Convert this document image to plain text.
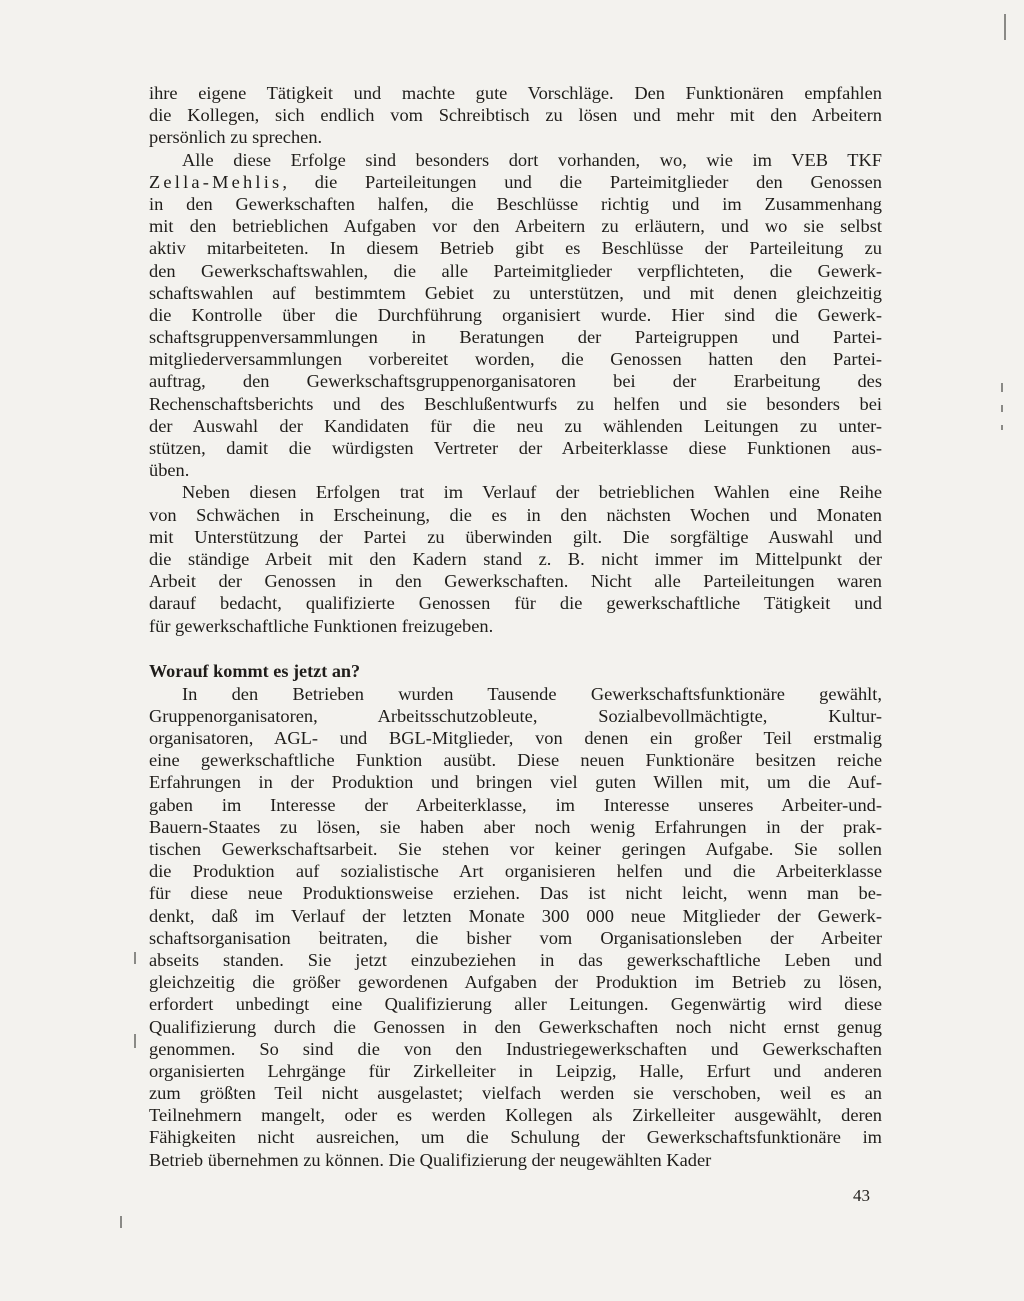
ihre eigene Tätigkeit und machte gute Vorschläge. Den Funktionären empfahlen
die Kollegen, sich endlich vom Schreibtisch zu lösen und mehr mit den Arbeitern
persönlich zu sprechen.
Alle diese Erfolge sind besonders dort vorhanden, wo, wie im VEB TKF
Zella-Mehlis, die Parteileitungen und die Parteimitglieder den Genossen
in den Gewerkschaften halfen, die Beschlüsse richtig und im Zusammenhang
mit den betrieblichen Aufgaben vor den Arbeitern zu erläutern, und wo sie selbst
aktiv mitarbeiteten. In diesem Betrieb gibt es Beschlüsse der Parteileitung zu
den Gewerkschaftswahlen, die alle Parteimitglieder verpflichteten, die Gewerk-
schaftswahlen auf bestimmtem Gebiet zu unterstützen, und mit denen gleichzeitig
die Kontrolle über die Durchführung organisiert wurde. Hier sind die Gewerk-
schaftsgruppenversammlungen in Beratungen der Parteigruppen und Partei-
mitgliederversammlungen vorbereitet worden, die Genossen hatten den Partei-
auftrag, den Gewerkschaftsgruppenorganisatoren bei der Erarbeitung des
Rechenschaftsberichts und des Beschlußentwurfs zu helfen und sie besonders bei
der Auswahl der Kandidaten für die neu zu wählenden Leitungen zu unter-
stützen, damit die würdigsten Vertreter der Arbeiterklasse diese Funktionen aus-
üben.
Neben diesen Erfolgen trat im Verlauf der betrieblichen Wahlen eine Reihe
von Schwächen in Erscheinung, die es in den nächsten Wochen und Monaten
mit Unterstützung der Partei zu überwinden gilt. Die sorgfältige Auswahl und
die ständige Arbeit mit den Kadern stand z. B. nicht immer im Mittelpunkt der
Arbeit der Genossen in den Gewerkschaften. Nicht alle Parteileitungen waren
darauf bedacht, qualifizierte Genossen für die gewerkschaftliche Tätigkeit und
für gewerkschaftliche Funktionen freizugeben.
Worauf kommt es jetzt an?
In den Betrieben wurden Tausende Gewerkschaftsfunktionäre gewählt,
Gruppenorganisatoren, Arbeitsschutzobleute, Sozialbevollmächtigte, Kultur-
organisatoren, AGL- und BGL-Mitglieder, von denen ein großer Teil erstmalig
eine gewerkschaftliche Funktion ausübt. Diese neuen Funktionäre besitzen reiche
Erfahrungen in der Produktion und bringen viel guten Willen mit, um die Auf-
gaben im Interesse der Arbeiterklasse, im Interesse unseres Arbeiter-und-
Bauern-Staates zu lösen, sie haben aber noch wenig Erfahrungen in der prak-
tischen Gewerkschaftsarbeit. Sie stehen vor keiner geringen Aufgabe. Sie sollen
die Produktion auf sozialistische Art organisieren helfen und die Arbeiterklasse
für diese neue Produktionsweise erziehen. Das ist nicht leicht, wenn man be-
denkt, daß im Verlauf der letzten Monate 300 000 neue Mitglieder der Gewerk-
schaftsorganisation beitraten, die bisher vom Organisationsleben der Arbeiter
abseits standen. Sie jetzt einzubeziehen in das gewerkschaftliche Leben und
gleichzeitig die größer gewordenen Aufgaben der Produktion im Betrieb zu lösen,
erfordert unbedingt eine Qualifizierung aller Leitungen. Gegenwärtig wird diese
Qualifizierung durch die Genossen in den Gewerkschaften noch nicht ernst genug
genommen. So sind die von den Industriegewerkschaften und Gewerkschaften
organisierten Lehrgänge für Zirkelleiter in Leipzig, Halle, Erfurt und anderen
zum größten Teil nicht ausgelastet; vielfach werden sie verschoben, weil es an
Teilnehmern mangelt, oder es werden Kollegen als Zirkelleiter ausgewählt, deren
Fähigkeiten nicht ausreichen, um die Schulung der Gewerkschaftsfunktionäre im
Betrieb übernehmen zu können. Die Qualifizierung der neugewählten Kader
43
